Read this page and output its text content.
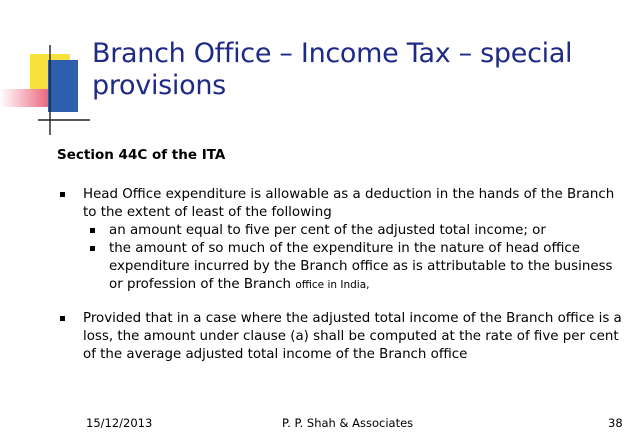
Branch Office – Income Tax – special provisions
Section 44C of the ITA
Head Office expenditure is allowable as a deduction in the hands of the Branch to the extent of least of the following
an amount equal to five per cent of the adjusted total income; or
the amount of so much of the expenditure in the nature of head office expenditure incurred by the Branch office as is attributable to the business or profession of the Branch office in India,
Provided that in a case where the adjusted total income of the Branch office is a loss, the amount under clause (a) shall be computed at the rate of five per cent of the average adjusted total income of the Branch office
15/12/2013	P. P. Shah & Associates	38
